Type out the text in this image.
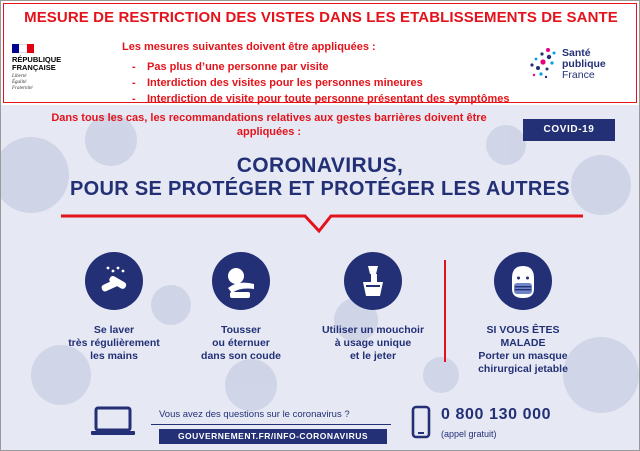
MESURE DE RESTRICTION DES VISTES DANS LES ETABLISSEMENTS DE SANTE
RÉPUBLIQUE
FRANÇAISE
Liberté
Égalité
Fraternité
Les mesures suivantes doivent être appliquées :
- Pas plus d’une personne par visite
- Interdiction des visites pour les personnes mineures
- Interdiction de visite pour toute personne présentant des symptômes
Santé
publique
France
Dans tous les cas, les recommandations relatives aux gestes barrières doivent être appliquées :	COVID-19
CORONAVIRUS,
POUR SE PROTÉGER ET PROTÉGER LES AUTRES
Se laver
très régulièrement
les mains
Tousser
ou éternuer
dans son coude
Utiliser un mouchoir
à usage unique
et le jeter
SI VOUS ÊTES MALADE
Porter un masque
chirurgical jetable
Vous avez des questions sur le coronavirus ?
GOUVERNEMENT.FR/INFO-CORONAVIRUS
0 800 130 000
(appel gratuit)
